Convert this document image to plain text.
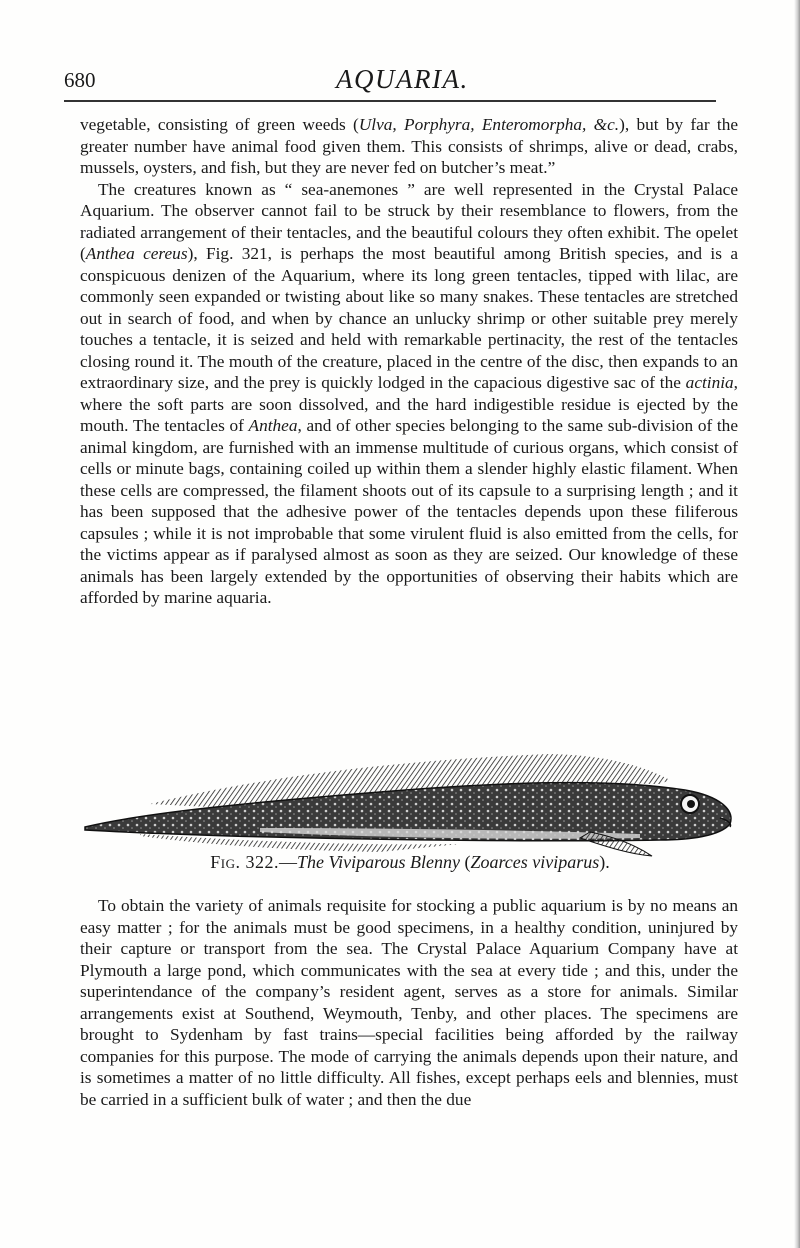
680	AQUARIA.

vegetable, consisting of green weeds (Ulva, Porphyra, Enteromorpha, &c.), but by far the greater number have animal food given them. This consists of shrimps, alive or dead, crabs, mussels, oysters, and fish, but they are never fed on butcher’s meat.”

The creatures known as “ sea-anemones ” are well represented in the Crystal Palace Aquarium. The observer cannot fail to be struck by their resemblance to flowers, from the radiated arrangement of their tentacles, and the beautiful colours they often exhibit. The opelet (Anthea cereus), Fig. 321, is perhaps the most beautiful among British species, and is a conspicuous denizen of the Aquarium, where its long green tentacles, tipped with lilac, are commonly seen expanded or twisting about like so many snakes. These tentacles are stretched out in search of food, and when by chance an unlucky shrimp or other suitable prey merely touches a tentacle, it is seized and held with remarkable pertinacity, the rest of the tentacles closing round it. The mouth of the creature, placed in the centre of the disc, then expands to an extraordinary size, and the prey is quickly lodged in the capacious digestive sac of the actinia, where the soft parts are soon dissolved, and the hard indigestible residue is ejected by the mouth. The tentacles of Anthea, and of other species belonging to the same sub-division of the animal kingdom, are furnished with an immense multitude of curious organs, which consist of cells or minute bags, containing coiled up within them a slender highly elastic filament. When these cells are compressed, the filament shoots out of its capsule to a surprising length ; and it has been supposed that the adhesive power of the tentacles depends upon these filiferous capsules ; while it is not improbable that some virulent fluid is also emitted from the cells, for the victims appear as if paralysed almost as soon as they are seized. Our knowledge of these animals has been largely extended by the opportunities of observing their habits which are afforded by marine aquaria.

Fig. 322.—The Viviparous Blenny (Zoarces viviparus).

To obtain the variety of animals requisite for stocking a public aquarium is by no means an easy matter ; for the animals must be good specimens, in a healthy condition, uninjured by their capture or transport from the sea. The Crystal Palace Aquarium Company have at Plymouth a large pond, which communicates with the sea at every tide ; and this, under the superintendance of the company’s resident agent, serves as a store for animals. Similar arrangements exist at Southend, Weymouth, Tenby, and other places. The specimens are brought to Sydenham by fast trains—special facilities being afforded by the railway companies for this purpose. The mode of carrying the animals depends upon their nature, and is sometimes a matter of no little difficulty. All fishes, except perhaps eels and blennies, must be carried in a sufficient bulk of water ; and then the due
